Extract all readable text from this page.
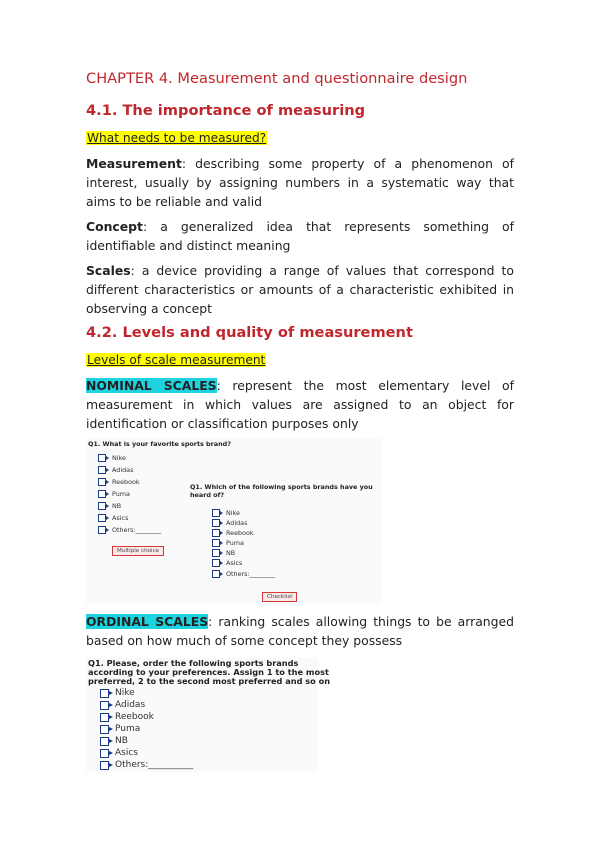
CHAPTER 4. Measurement and questionnaire design
4.1. The importance of measuring
What needs to be measured?

Measurement: describing some property of a phenomenon of interest, usually by assigning numbers in a systematic way that aims to be reliable and valid

Concept: a generalized idea that represents something of identifiable and distinct meaning

Scales: a device providing a range of values that correspond to different characteristics or amounts of a characteristic exhibited in observing a concept

4.2. Levels and quality of measurement
Levels of scale measurement

NOMINAL SCALES: represent the most elementary level of measurement in which values are assigned to an object for identification or classification purposes only

Q1. What is your favorite sports brand?
Nike
Adidas
Reebook
Puma
NB
Asics
Others:________
Multiple choice
Q1. Which of the following sports brands have you
heard of?
Nike
Adidas
Reebook
Puma
NB
Asics
Others:________
Checklist

ORDINAL SCALES: ranking scales allowing things to be arranged based on how much of some concept they possess

Q1. Please, order the following sports brands
according to your preferences. Assign 1 to the most
preferred, 2 to the second most preferred and so on
Nike
Adidas
Reebook
Puma
NB
Asics
Others:__________
